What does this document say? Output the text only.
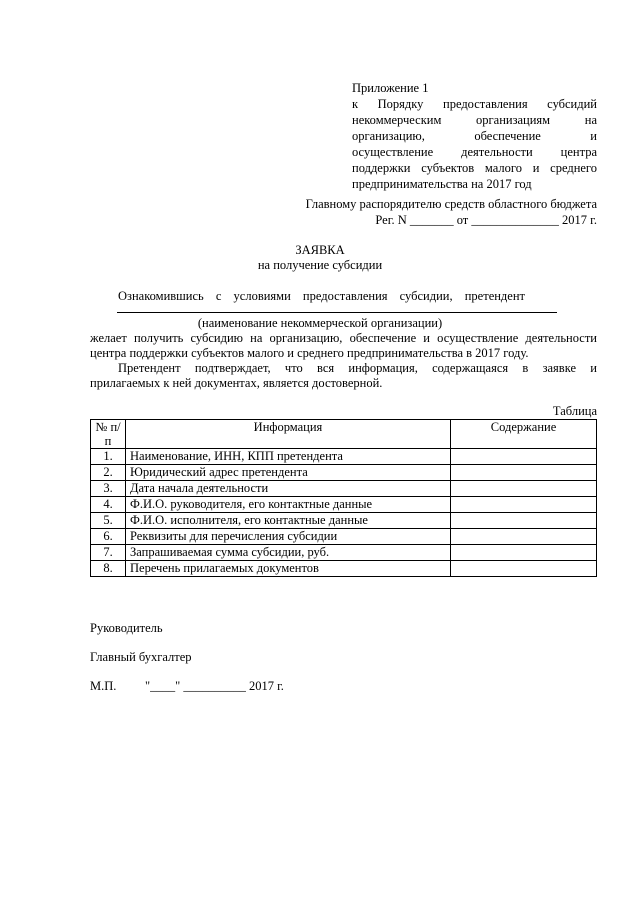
Приложение 1
к Порядку предоставления субсидий
некоммерческим организациям на
организацию, обеспечение и
осуществление деятельности центра
поддержки субъектов малого и среднего
предпринимательства на 2017 год
Главному распорядителю средств областного бюджета
Рег. N _______ от ______________ 2017 г.
ЗАЯВКА
на получение субсидии
Ознакомившись с условиями предоставления субсидии, претендент
(наименование некоммерческой организации)
желает получить субсидию на организацию, обеспечение и осуществление деятельности
центра поддержки субъектов малого и среднего предпринимательства в 2017 году.
Претендент подтверждает, что вся информация, содержащаяся в заявке и
прилагаемых к ней документах, является достоверной.
Таблица
№ п/п	Информация	Содержание
1.	Наименование, ИНН, КПП претендента	
2.	Юридический адрес претендента	
3.	Дата начала деятельности	
4.	Ф.И.О. руководителя, его контактные данные	
5.	Ф.И.О. исполнителя, его контактные данные	
6.	Реквизиты для перечисления субсидии	
7.	Запрашиваемая сумма субсидии, руб.	
8.	Перечень прилагаемых документов	
Руководитель
Главный бухгалтер
М.П. "____" __________ 2017 г.
